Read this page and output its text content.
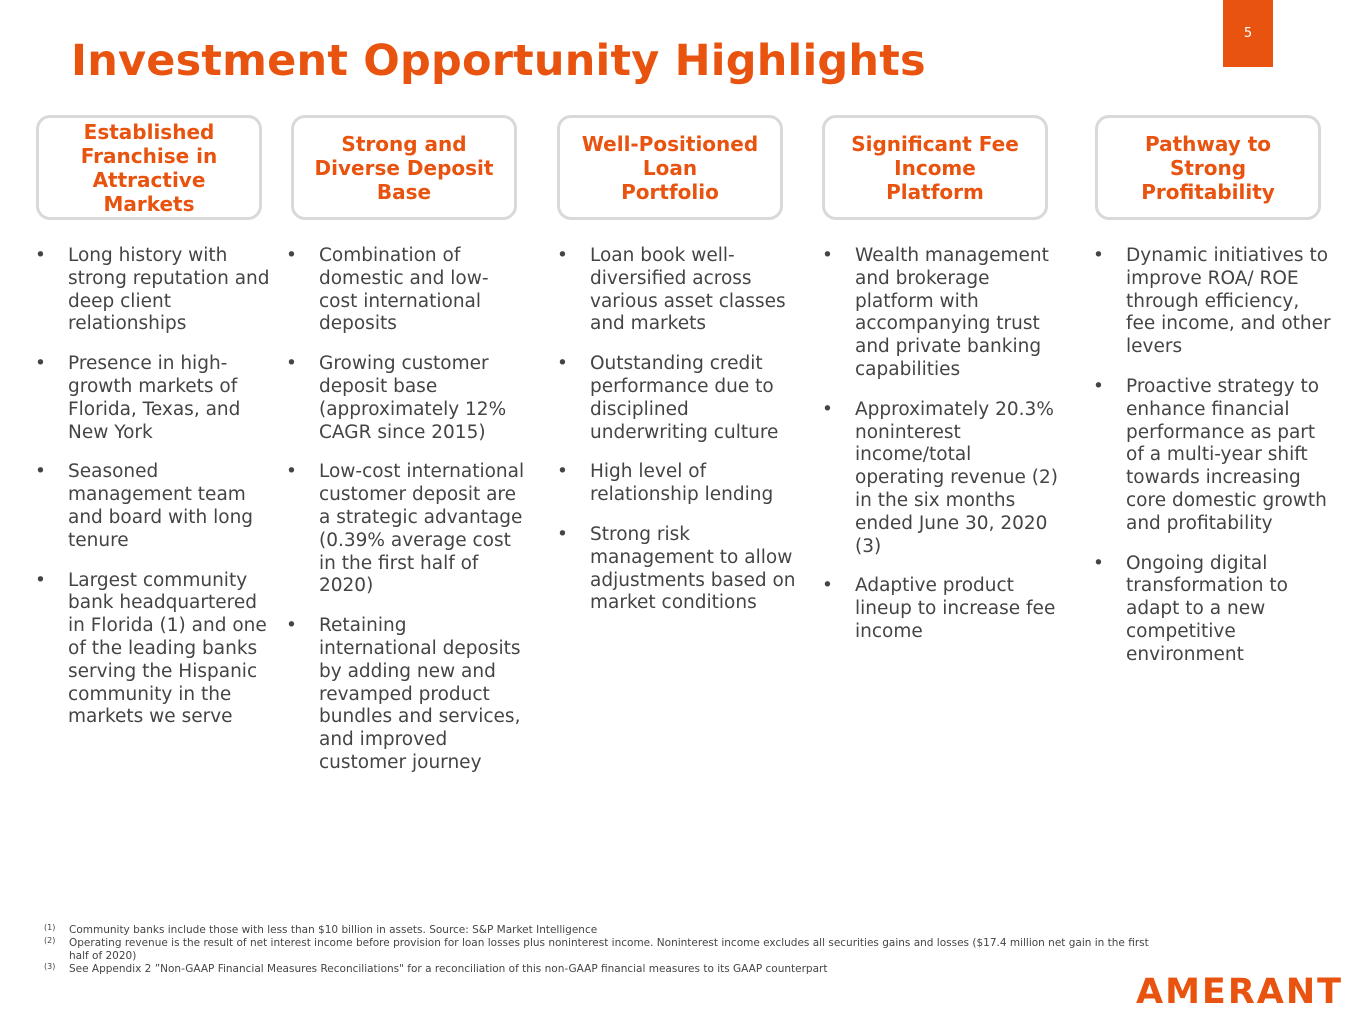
5
Investment Opportunity Highlights
Established
Franchise in
Attractive
Markets
• Long history with strong reputation and deep client relationships
• Presence in high-growth markets of Florida, Texas, and New York
• Seasoned management team and board with long tenure
• Largest community bank headquartered in Florida (1) and one of the leading banks serving the Hispanic community in the markets we serve
Strong and
Diverse Deposit
Base
• Combination of domestic and low-cost international deposits
• Growing customer deposit base (approximately 12% CAGR since 2015)
• Low-cost international customer deposit are a strategic advantage (0.39% average cost in the first half of 2020)
• Retaining international deposits by adding new and revamped product bundles and services, and improved customer journey
Well-Positioned
Loan
Portfolio
• Loan book well-diversified across various asset classes and markets
• Outstanding credit performance due to disciplined underwriting culture
• High level of relationship lending
• Strong risk management to allow adjustments based on market conditions
Significant Fee
Income
Platform
• Wealth management and brokerage platform with accompanying trust and private banking capabilities
• Approximately 20.3% noninterest income/total operating revenue (2) in the six months ended June 30, 2020 (3)
• Adaptive product lineup to increase fee income
Pathway to
Strong
Profitability
• Dynamic initiatives to improve ROA/ ROE through efficiency, fee income, and other levers
• Proactive strategy to enhance financial performance as part of a multi-year shift towards increasing core domestic growth and profitability
• Ongoing digital transformation to adapt to a new competitive environment
(1) Community banks include those with less than $10 billion in assets. Source: S&P Market Intelligence
(2) Operating revenue is the result of net interest income before provision for loan losses plus noninterest income. Noninterest income excludes all securities gains and losses ($17.4 million net gain in the first half of 2020)
(3) See Appendix 2 ”Non-GAAP Financial Measures Reconciliations" for a reconciliation of this non-GAAP financial measures to its GAAP counterpart
AMERANT
